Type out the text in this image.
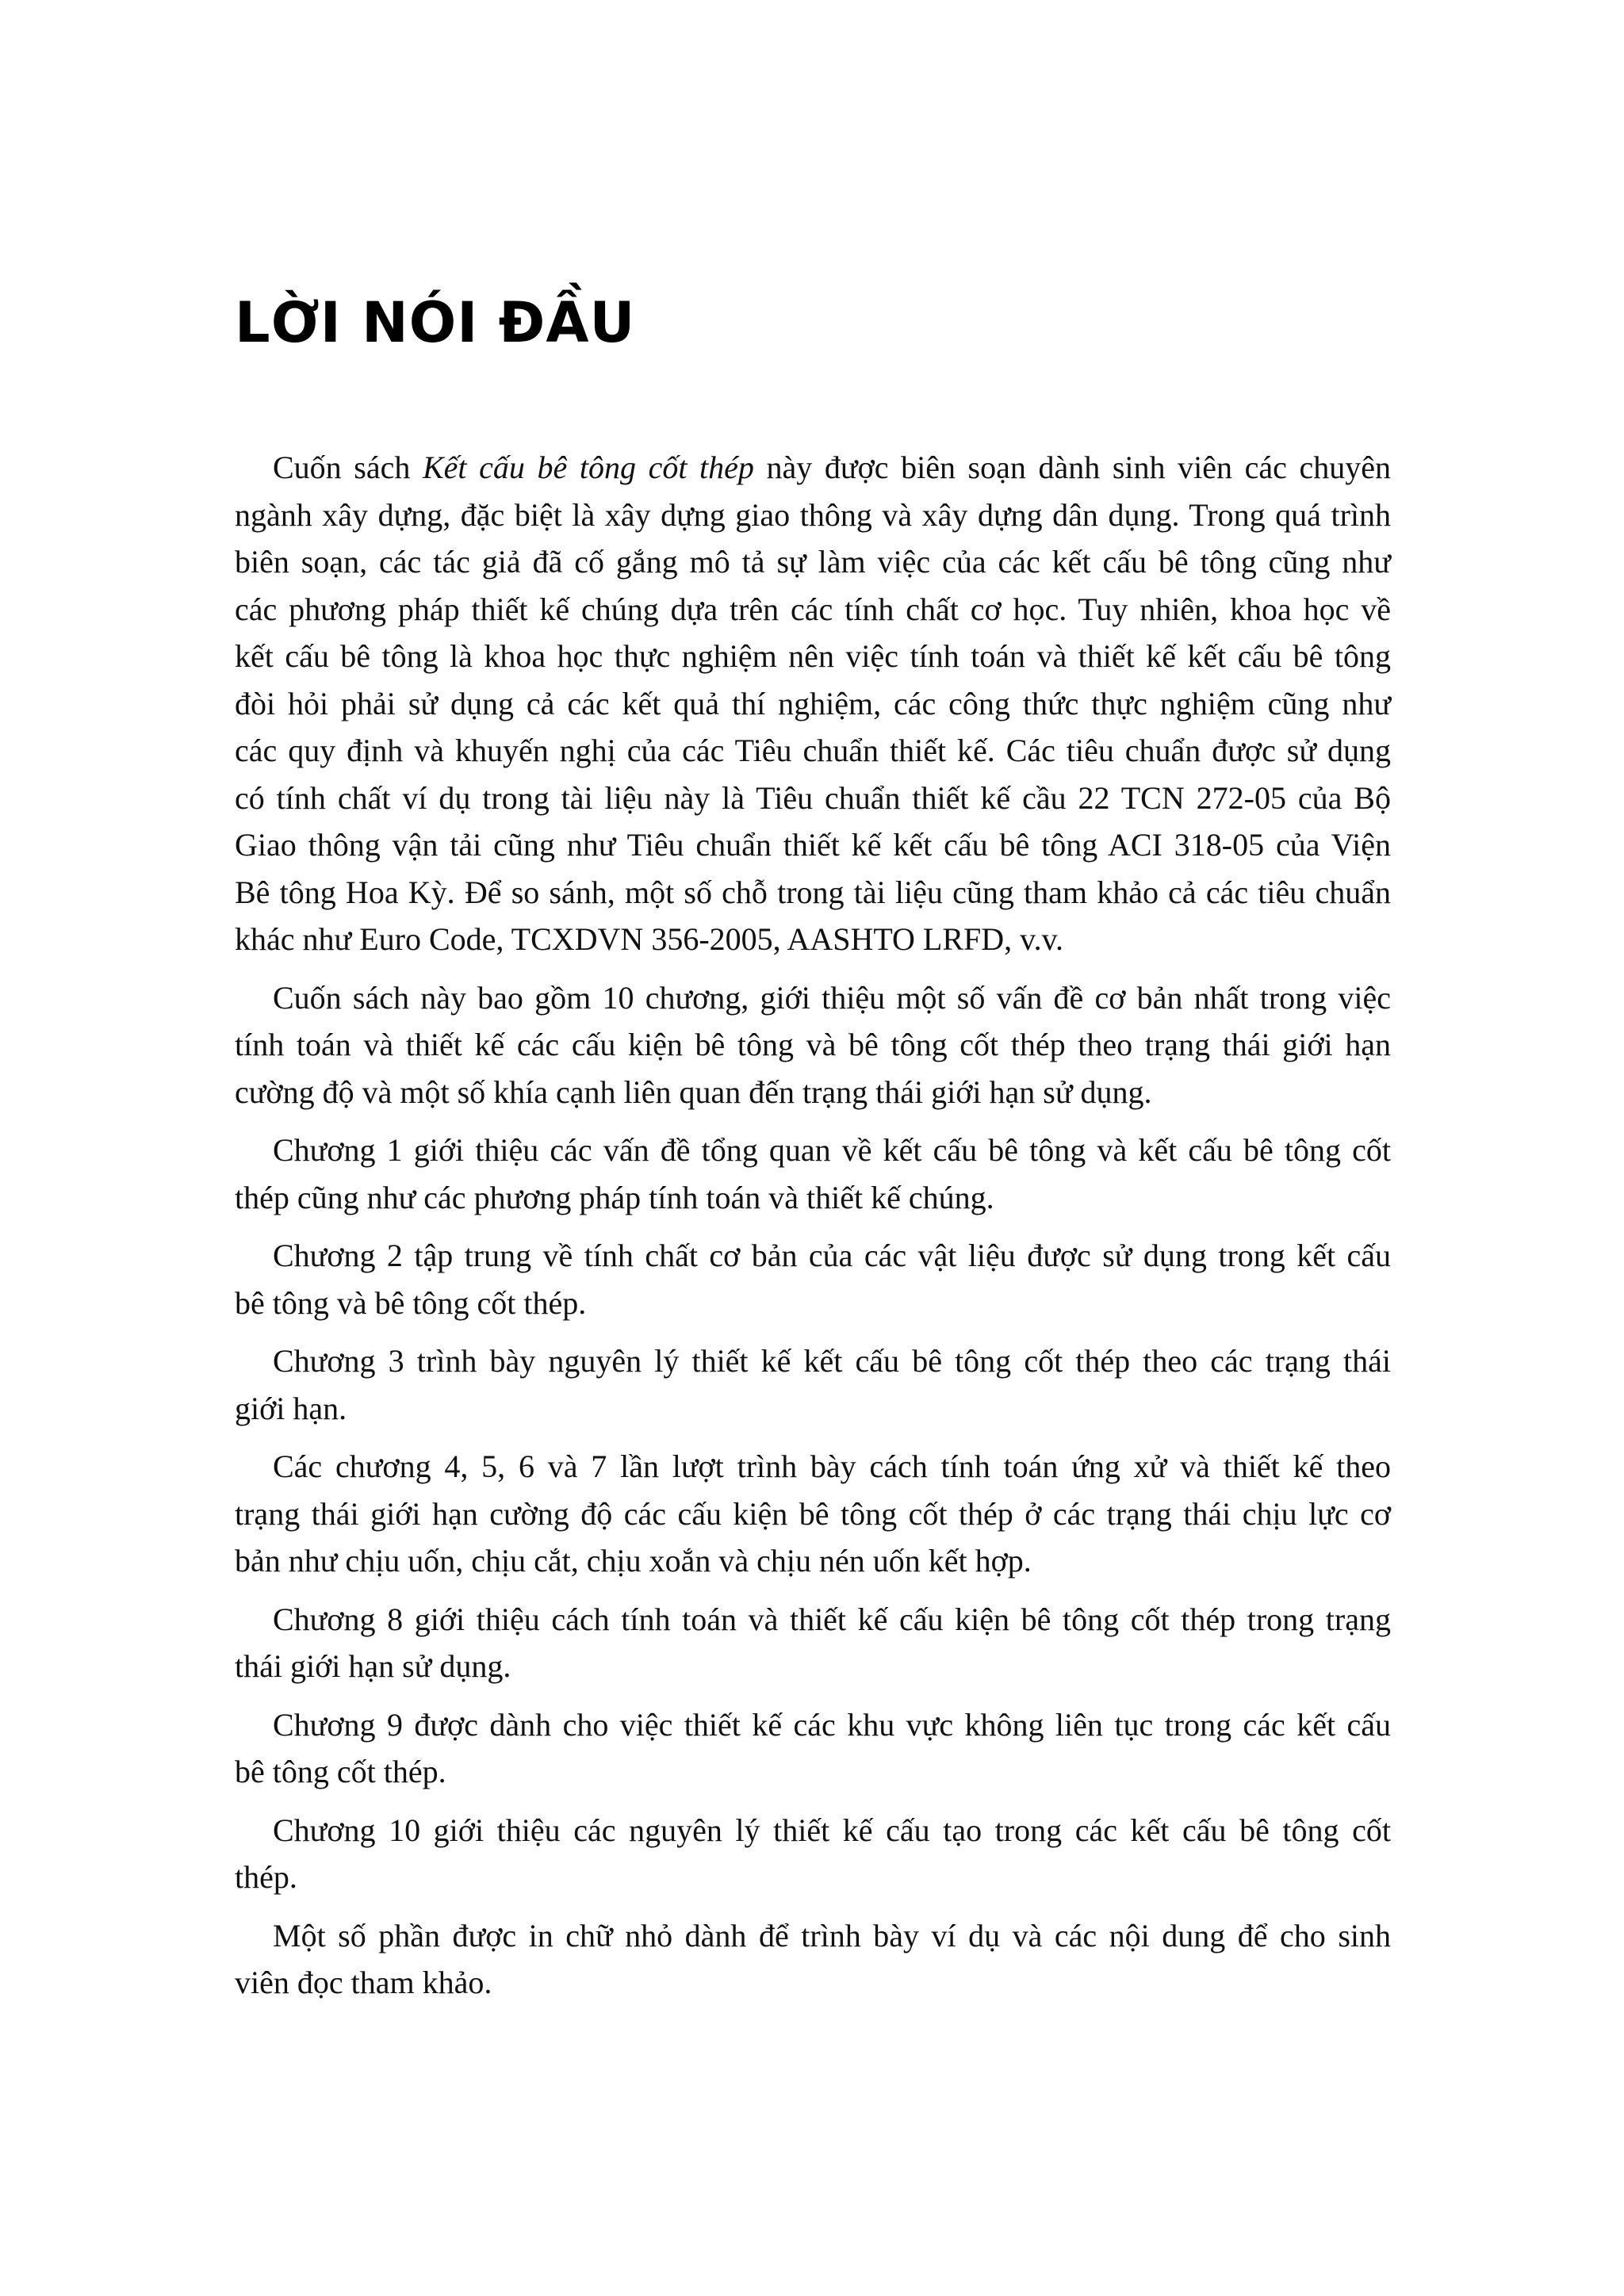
LỜI NÓI ĐẦU
Cuốn sách Kết cấu bê tông cốt thép này được biên soạn dành sinh viên các chuyên
ngành xây dựng, đặc biệt là xây dựng giao thông và xây dựng dân dụng. Trong quá trình
biên soạn, các tác giả đã cố gắng mô tả sự làm việc của các kết cấu bê tông cũng như
các phương pháp thiết kế chúng dựa trên các tính chất cơ học. Tuy nhiên, khoa học về
kết cấu bê tông là khoa học thực nghiệm nên việc tính toán và thiết kế kết cấu bê tông
đòi hỏi phải sử dụng cả các kết quả thí nghiệm, các công thức thực nghiệm cũng như
các quy định và khuyến nghị của các Tiêu chuẩn thiết kế. Các tiêu chuẩn được sử dụng
có tính chất ví dụ trong tài liệu này là Tiêu chuẩn thiết kế cầu 22 TCN 272-05 của Bộ
Giao thông vận tải cũng như Tiêu chuẩn thiết kế kết cấu bê tông ACI 318-05 của Viện
Bê tông Hoa Kỳ. Để so sánh, một số chỗ trong tài liệu cũng tham khảo cả các tiêu chuẩn
khác như Euro Code, TCXDVN 356-2005, AASHTO LRFD, v.v.
Cuốn sách này bao gồm 10 chương, giới thiệu một số vấn đề cơ bản nhất trong việc
tính toán và thiết kế các cấu kiện bê tông và bê tông cốt thép theo trạng thái giới hạn
cường độ và một số khía cạnh liên quan đến trạng thái giới hạn sử dụng.
Chương 1 giới thiệu các vấn đề tổng quan về kết cấu bê tông và kết cấu bê tông cốt
thép cũng như các phương pháp tính toán và thiết kế chúng.
Chương 2 tập trung về tính chất cơ bản của các vật liệu được sử dụng trong kết cấu
bê tông và bê tông cốt thép.
Chương 3 trình bày nguyên lý thiết kế kết cấu bê tông cốt thép theo các trạng thái
giới hạn.
Các chương 4, 5, 6 và 7 lần lượt trình bày cách tính toán ứng xử và thiết kế theo
trạng thái giới hạn cường độ các cấu kiện bê tông cốt thép ở các trạng thái chịu lực cơ
bản như chịu uốn, chịu cắt, chịu xoắn và chịu nén uốn kết hợp.
Chương 8 giới thiệu cách tính toán và thiết kế cấu kiện bê tông cốt thép trong trạng
thái giới hạn sử dụng.
Chương 9 được dành cho việc thiết kế các khu vực không liên tục trong các kết cấu
bê tông cốt thép.
Chương 10 giới thiệu các nguyên lý thiết kế cấu tạo trong các kết cấu bê tông cốt
thép.
Một số phần được in chữ nhỏ dành để trình bày ví dụ và các nội dung để cho sinh
viên đọc tham khảo.
